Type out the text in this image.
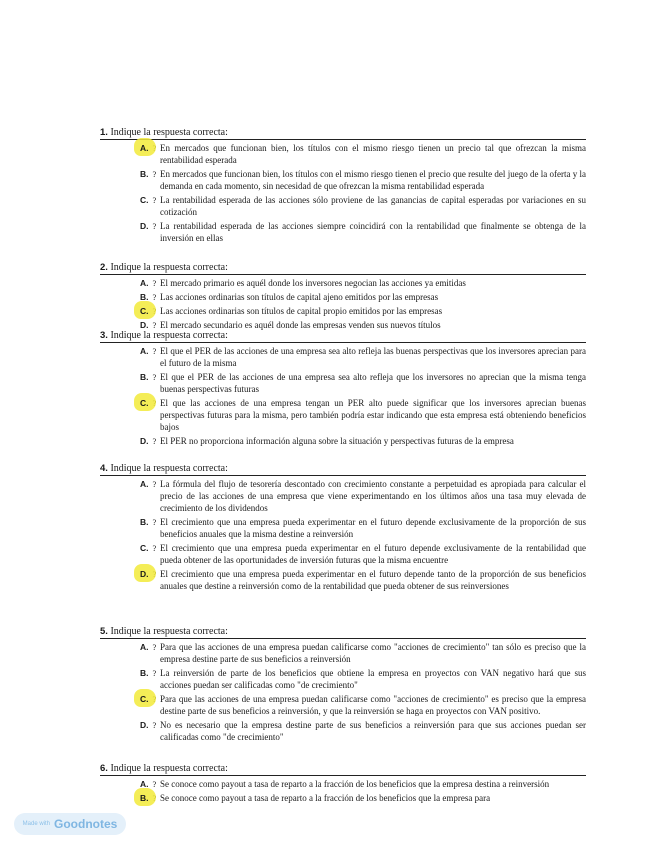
1. Indique la respuesta correcta:
A.	En mercados que funcionan bien, los títulos con el mismo riesgo tienen un precio tal que ofrezcan la misma rentabilidad esperada
B. ? En mercados que funcionan bien, los títulos con el mismo riesgo tienen el precio que resulte del juego de la oferta y la demanda en cada momento, sin necesidad de que ofrezcan la misma rentabilidad esperada
C. ? La rentabilidad esperada de las acciones sólo proviene de las ganancias de capital esperadas por variaciones en su cotización
D. ? La rentabilidad esperada de las acciones siempre coincidirá con la rentabilidad que finalmente se obtenga de la inversión en ellas
2. Indique la respuesta correcta:
A. ? El mercado primario es aquél donde los inversores negocian las acciones ya emitidas
B. ? Las acciones ordinarias son títulos de capital ajeno emitidos por las empresas
C.	Las acciones ordinarias son títulos de capital propio emitidos por las empresas
D. ? El mercado secundario es aquél donde las empresas venden sus nuevos títulos
3. Indique la respuesta correcta:
A. ? El que el PER de las acciones de una empresa sea alto refleja las buenas perspectivas que los inversores aprecian para el futuro de la misma
B. ? El que el PER de las acciones de una empresa sea alto refleja que los inversores no aprecian que la misma tenga buenas perspectivas futuras
C.	El que las acciones de una empresa tengan un PER alto puede significar que los inversores aprecian buenas perspectivas futuras para la misma, pero también podría estar indicando que esta empresa está obteniendo beneficios bajos
D. ? El PER no proporciona información alguna sobre la situación y perspectivas futuras de la empresa
4. Indique la respuesta correcta:
A. ? La fórmula del flujo de tesorería descontado con crecimiento constante a perpetuidad es apropiada para calcular el precio de las acciones de una empresa que viene experimentando en los últimos años una tasa muy elevada de crecimiento de los dividendos
B. ? El crecimiento que una empresa pueda experimentar en el futuro depende exclusivamente de la proporción de sus beneficios anuales que la misma destine a reinversión
C. ? El crecimiento que una empresa pueda experimentar en el futuro depende exclusivamente de la rentabilidad que pueda obtener de las oportunidades de inversión futuras que la misma encuentre
D.	El crecimiento que una empresa pueda experimentar en el futuro depende tanto de la proporción de sus beneficios anuales que destine a reinversión como de la rentabilidad que pueda obtener de sus reinversiones
5. Indique la respuesta correcta:
A. ? Para que las acciones de una empresa puedan calificarse como "acciones de crecimiento" tan sólo es preciso que la empresa destine parte de sus beneficios a reinversión
B. ? La reinversión de parte de los beneficios que obtiene la empresa en proyectos con VAN negativo hará que sus acciones puedan ser calificadas como "de crecimiento"
C.	Para que las acciones de una empresa puedan calificarse como "acciones de crecimiento" es preciso que la empresa destine parte de sus beneficios a reinversión, y que la reinversión se haga en proyectos con VAN positivo.
D. ? No es necesario que la empresa destine parte de sus beneficios a reinversión para que sus acciones puedan ser calificadas como "de crecimiento"
6. Indique la respuesta correcta:
A. ? Se conoce como payout a tasa de reparto a la fracción de los beneficios que la empresa destina a reinversión
B.	Se conoce como payout a tasa de reparto a la fracción de los beneficios que la empresa para
Made with Goodnotes
